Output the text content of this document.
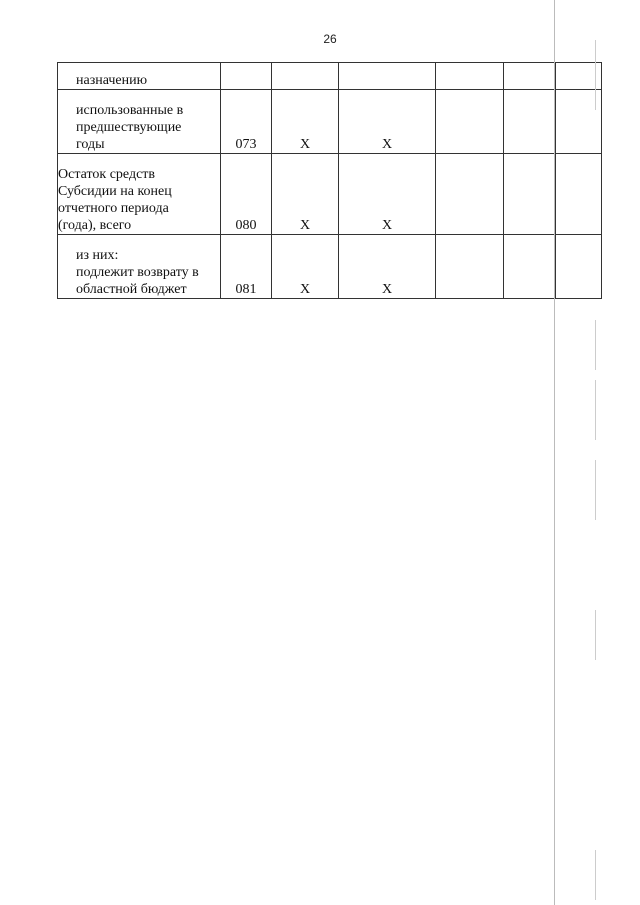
26
назначению						

использованные в
предшествующие
годы	073	X	X			

Остаток средств
Субсидии на конец
отчетного периода
(года), всего	080	X	X			

из них:
подлежит возврату в
областной бюджет	081	X	X			
